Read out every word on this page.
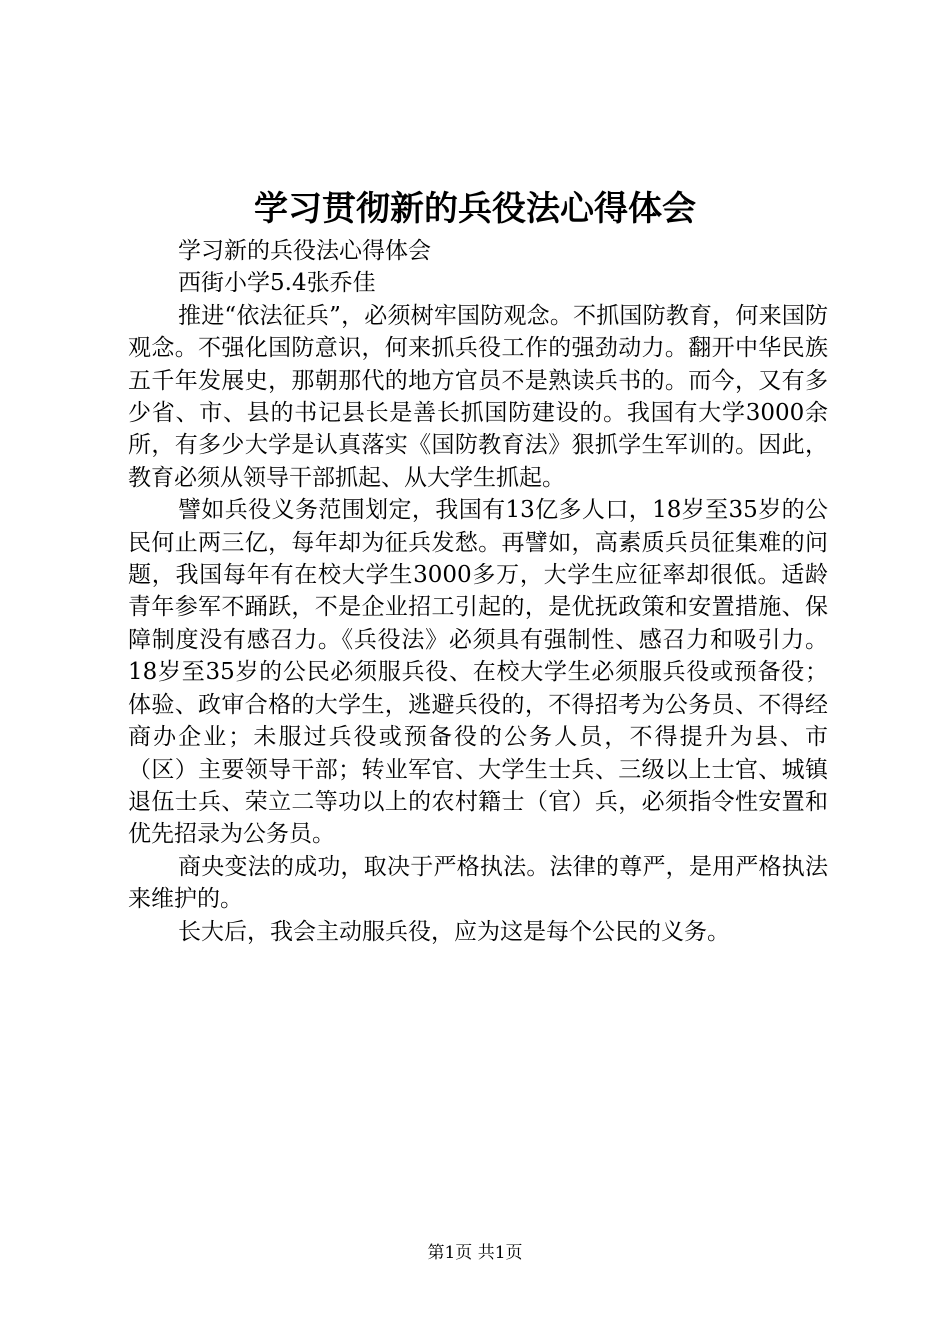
学习贯彻新的兵役法心得体会
学习新的兵役法心得体会
西街小学5.4张乔佳

推进“依法征兵”，必须树牢国防观念。不抓国防教育，何来国防观念。不强化国防意识，何来抓兵役工作的强劲动力。翻开中华民族五千年发展史，那朝那代的地方官员不是熟读兵书的。而今，又有多少省、市、县的书记县长是善长抓国防建设的。我国有大学3000余所，有多少大学是认真落实《国防教育法》狠抓学生军训的。因此，教育必须从领导干部抓起、从大学生抓起。

譬如兵役义务范围划定，我国有13亿多人口，18岁至35岁的公民何止两三亿，每年却为征兵发愁。再譬如，高素质兵员征集难的问题，我国每年有在校大学生3000多万，大学生应征率却很低。适龄青年参军不踊跃，不是企业招工引起的，是优抚政策和安置措施、保障制度没有感召力。《兵役法》必须具有强制性、感召力和吸引力。18岁至35岁的公民必须服兵役、在校大学生必须服兵役或预备役；体验、政审合格的大学生，逃避兵役的，不得招考为公务员、不得经商办企业；未服过兵役或预备役的公务人员，不得提升为县、市（区）主要领导干部；转业军官、大学生士兵、三级以上士官、城镇退伍士兵、荣立二等功以上的农村籍士（官）兵，必须指令性安置和优先招录为公务员。

商央变法的成功，取决于严格执法。法律的尊严，是用严格执法来维护的。

长大后，我会主动服兵役，应为这是每个公民的义务。

第1页 共1页
